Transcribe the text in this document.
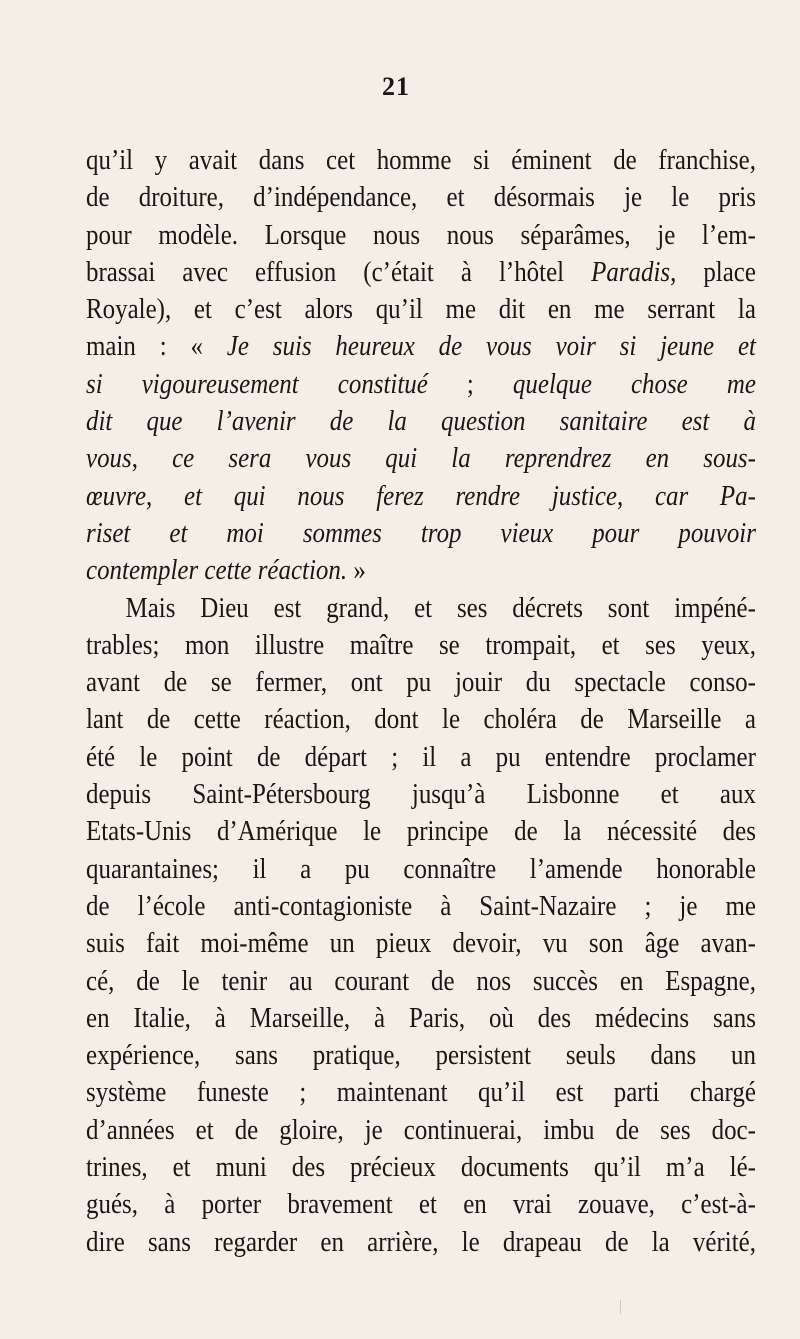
21
qu’il y avait dans cet homme si éminent de franchise,
de droiture, d’indépendance, et désormais je le pris
pour modèle. Lorsque nous nous séparâmes, je l’em-
brassai avec effusion (c’était à l’hôtel Paradis, place
Royale), et c’est alors qu’il me dit en me serrant la
main : « Je suis heureux de vous voir si jeune et
si vigoureusement constitué ; quelque chose me
dit que l’avenir de la question sanitaire est à
vous, ce sera vous qui la reprendrez en sous-
œuvre, et qui nous ferez rendre justice, car Pa-
riset et moi sommes trop vieux pour pouvoir
contempler cette réaction. »
Mais Dieu est grand, et ses décrets sont impéné-
trables; mon illustre maître se trompait, et ses yeux,
avant de se fermer, ont pu jouir du spectacle conso-
lant de cette réaction, dont le choléra de Marseille a
été le point de départ ; il a pu entendre proclamer
depuis Saint-Pétersbourg jusqu’à Lisbonne et aux
Etats-Unis d’Amérique le principe de la nécessité des
quarantaines; il a pu connaître l’amende honorable
de l’école anti-contagioniste à Saint-Nazaire ; je me
suis fait moi-même un pieux devoir, vu son âge avan-
cé, de le tenir au courant de nos succès en Espagne,
en Italie, à Marseille, à Paris, où des médecins sans
expérience, sans pratique, persistent seuls dans un
système funeste ; maintenant qu’il est parti chargé
d’années et de gloire, je continuerai, imbu de ses doc-
trines, et muni des précieux documents qu’il m’a lé-
gués, à porter bravement et en vrai zouave, c’est-à-
dire sans regarder en arrière, le drapeau de la vérité,
